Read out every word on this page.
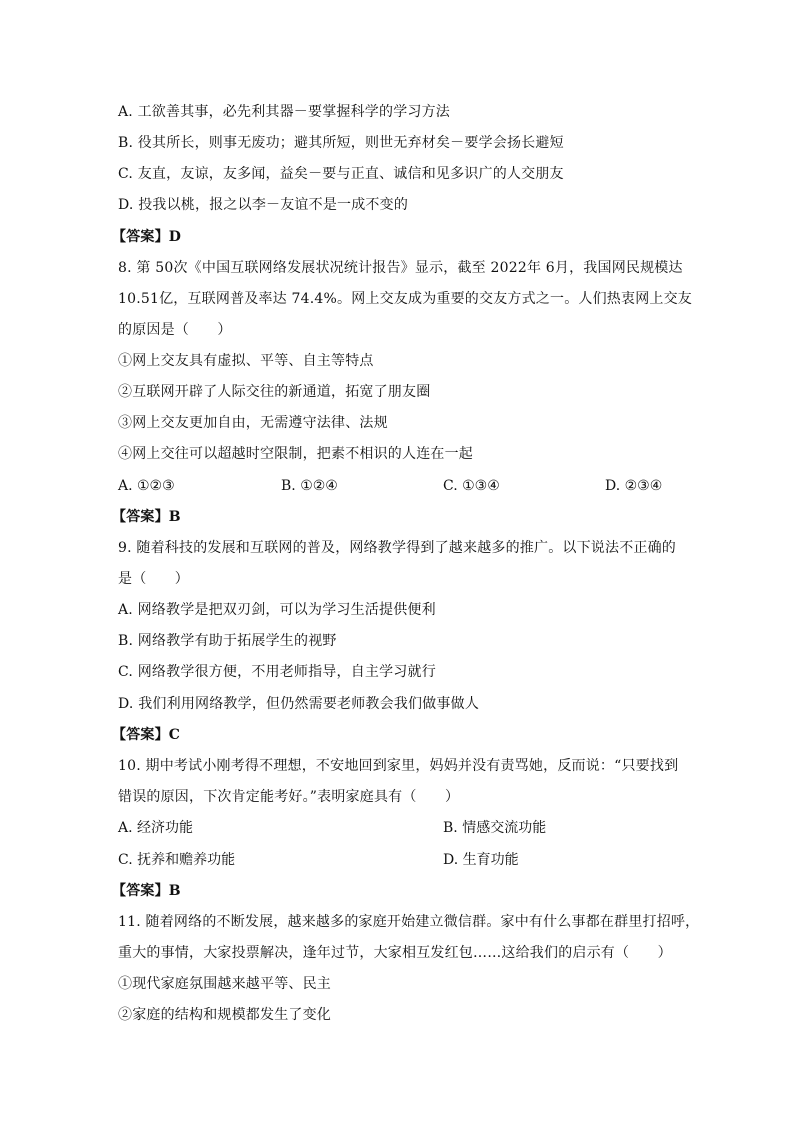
A. 工欲善其事，必先利其器－要掌握科学的学习方法
B. 役其所长，则事无废功；避其所短，则世无弃材矣－要学会扬长避短
C. 友直，友谅，友多闻，益矣－要与正直、诚信和见多识广的人交朋友
D. 投我以桃，报之以李－友谊不是一成不变的
【答案】D
8. 第 50次《中国互联网络发展状况统计报告》显示，截至 2022年 6月，我国网民规模达
10.51亿，互联网普及率达 74.4%。网上交友成为重要的交友方式之一。人们热衷网上交友
的原因是（　　）
①网上交友具有虚拟、平等、自主等特点
②互联网开辟了人际交往的新通道，拓宽了朋友圈
③网上交友更加自由，无需遵守法律、法规
④网上交往可以超越时空限制，把素不相识的人连在一起
A. ①②③	B. ①②④	C. ①③④	D. ②③④
【答案】B
9. 随着科技的发展和互联网的普及，网络教学得到了越来越多的推广。以下说法不正确的
是（　　）
A. 网络教学是把双刃剑，可以为学习生活提供便利
B. 网络教学有助于拓展学生的视野
C. 网络教学很方便，不用老师指导，自主学习就行
D. 我们利用网络教学，但仍然需要老师教会我们做事做人
【答案】C
10. 期中考试小刚考得不理想，不安地回到家里，妈妈并没有责骂她，反而说：“只要找到
错误的原因，下次肯定能考好。”表明家庭具有（　　）
A. 经济功能	B. 情感交流功能
C. 抚养和赡养功能	D. 生育功能
【答案】B
11. 随着网络的不断发展，越来越多的家庭开始建立微信群。家中有什么事都在群里打招呼，
重大的事情，大家投票解决，逢年过节，大家相互发红包……这给我们的启示有（　　）
①现代家庭氛围越来越平等、民主
②家庭的结构和规模都发生了变化
